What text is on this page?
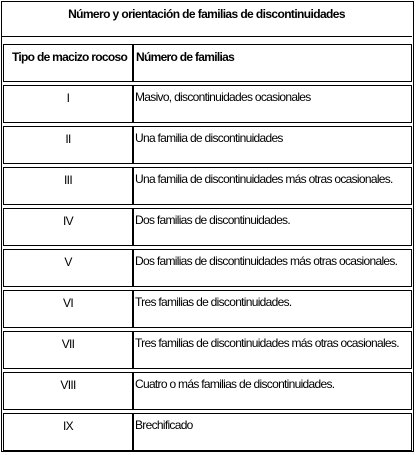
Número y orientación de familias de discontinuidades
Tipo de macizo rocoso	Número de familias

I	Masivo, discontinuidades ocasionales

II	Una familia de discontinuidades

III	Una familia de discontinuidades más otras ocasionales.

IV	Dos familias de discontinuidades.

V	Dos familias de discontinuidades más otras ocasionales.

VI	Tres familias de discontinuidades.

VII	Tres familias de discontinuidades más otras ocasionales.

VIII	Cuatro o más familias de discontinuidades.

IX	Brechificado
